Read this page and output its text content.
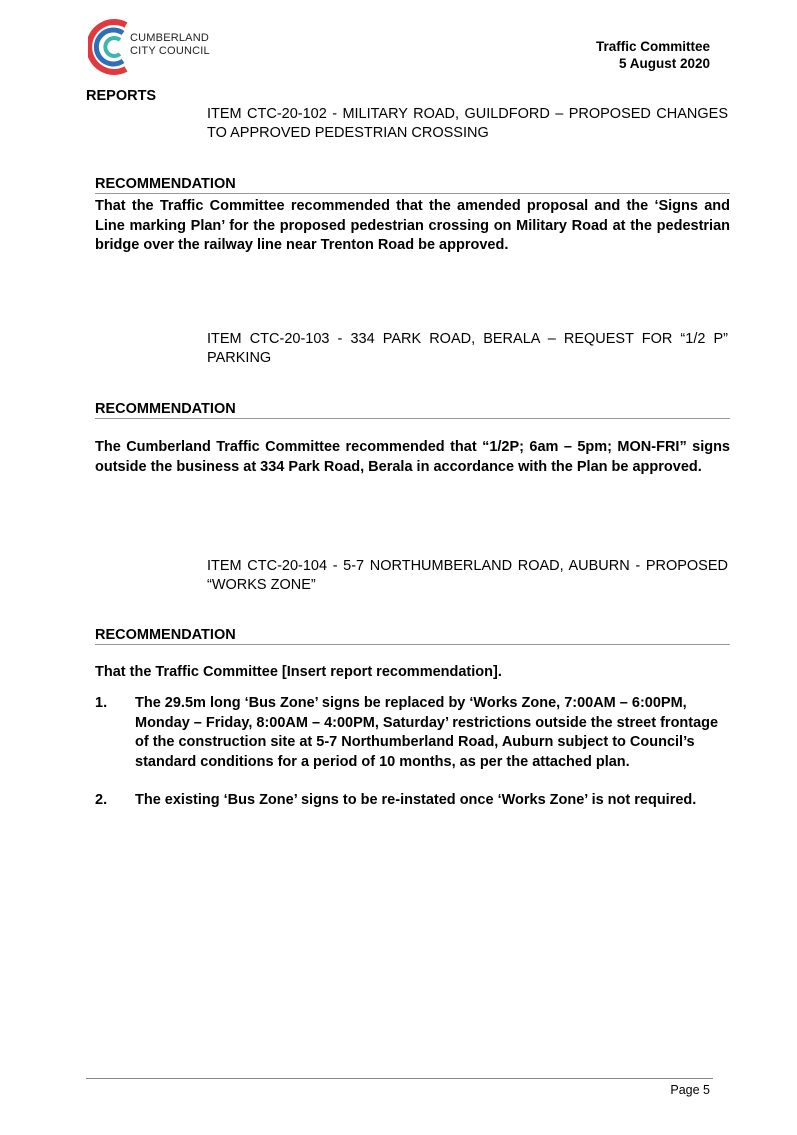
CUMBERLAND
CITY COUNCIL	Traffic Committee
5 August 2020
REPORTS
ITEM CTC-20-102 - MILITARY ROAD, GUILDFORD – PROPOSED CHANGES TO APPROVED PEDESTRIAN CROSSING
RECOMMENDATION
That the Traffic Committee recommended that the amended proposal and the ‘Signs and Line marking Plan’ for the proposed pedestrian crossing on Military Road at the pedestrian bridge over the railway line near Trenton Road be approved.
ITEM CTC-20-103 - 334 PARK ROAD, BERALA – REQUEST FOR “1/2 P” PARKING
RECOMMENDATION
The Cumberland Traffic Committee recommended that “1/2P; 6am – 5pm; MON-FRI” signs outside the business at 334 Park Road, Berala in accordance with the Plan be approved.
ITEM CTC-20-104 - 5-7 NORTHUMBERLAND ROAD, AUBURN - PROPOSED “WORKS ZONE”
RECOMMENDATION
That the Traffic Committee [Insert report recommendation].
1.	The 29.5m long ‘Bus Zone’ signs be replaced by ‘Works Zone, 7:00AM – 6:00PM, Monday – Friday, 8:00AM – 4:00PM, Saturday’ restrictions outside the street frontage of the construction site at 5-7 Northumberland Road, Auburn subject to Council’s standard conditions for a period of 10 months, as per the attached plan.
2.	The existing ‘Bus Zone’ signs to be re-instated once ‘Works Zone’ is not required.
Page 5
